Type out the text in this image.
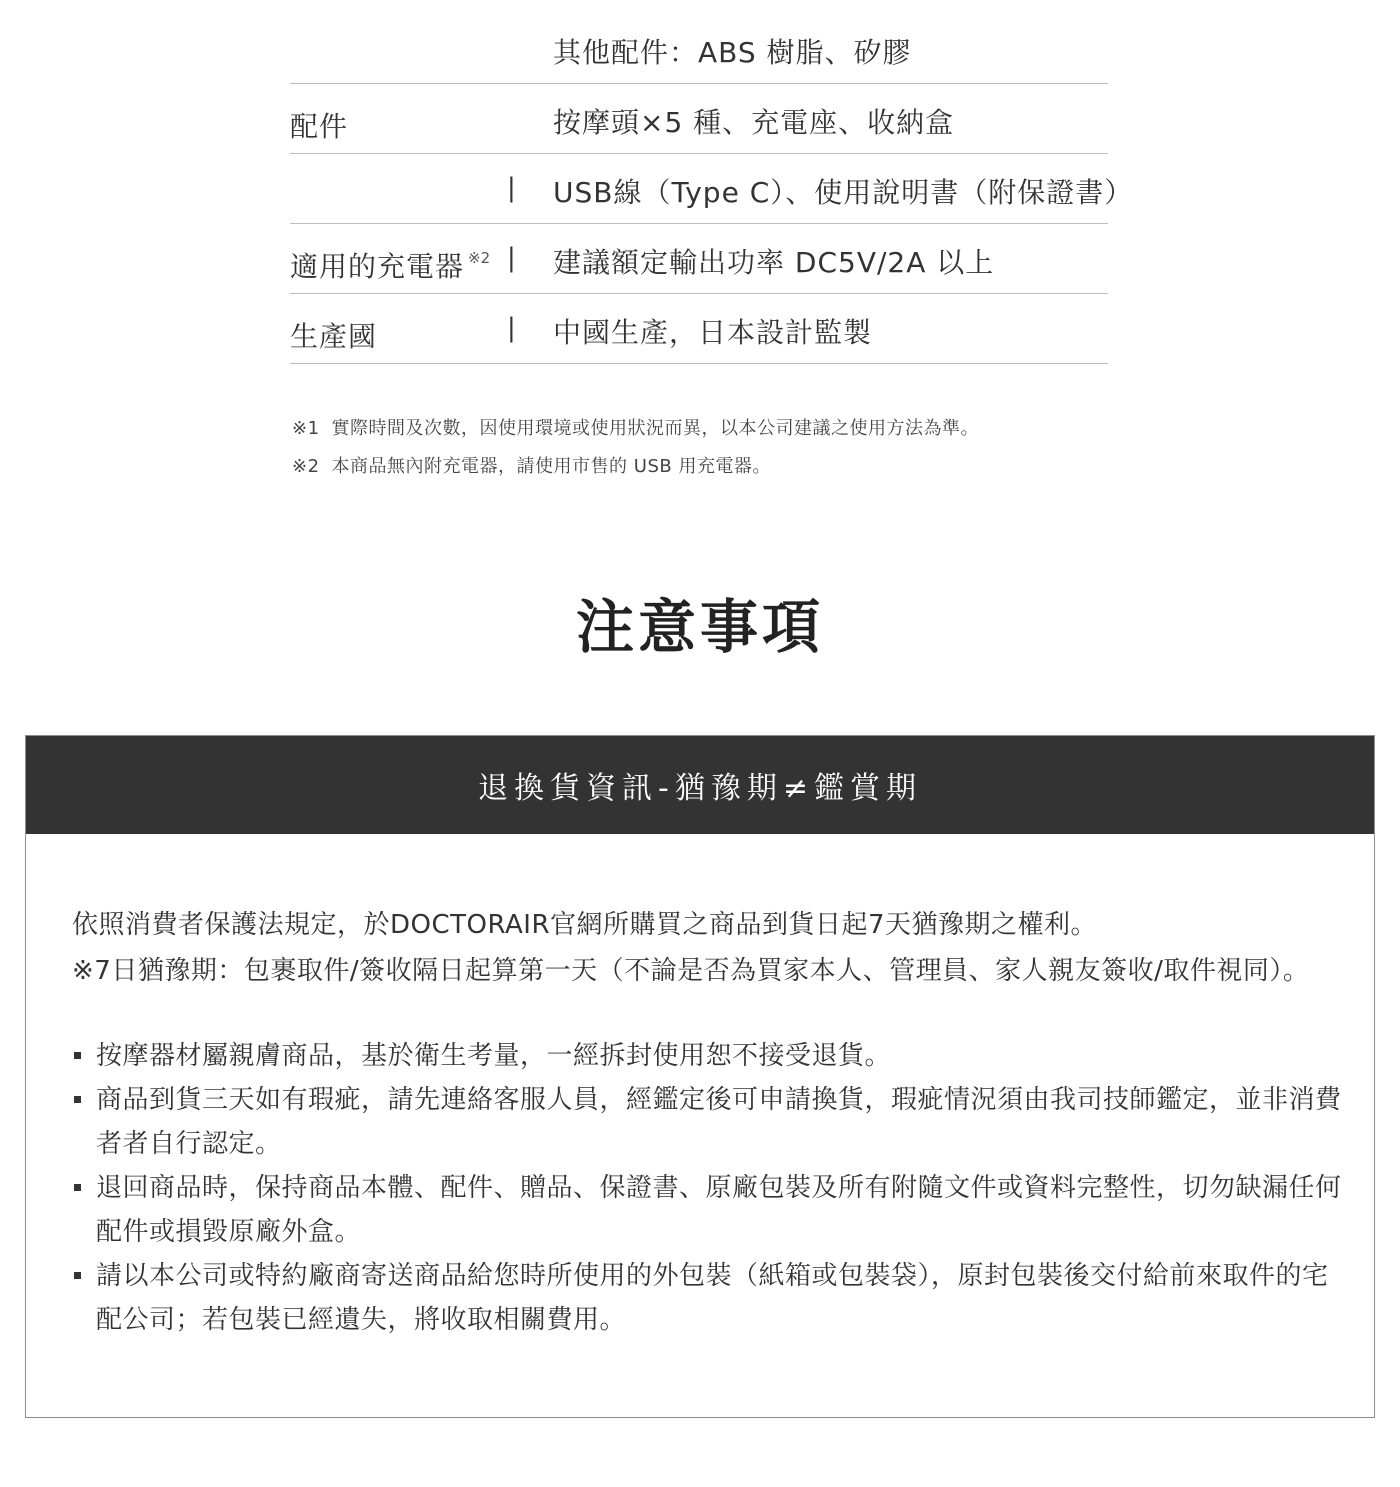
其他配件：ABS 樹脂、矽膠
配件	按摩頭×5 種、充電座、收納盒
| USB線（Type C）、使用說明書（附保證書）
適用的充電器 $^{※2}$ | 建議額定輸出功率 DC5V/2A 以上
生產國	| 中國生產，日本設計監製
※1 實際時間及次數，因使用環境或使用狀況而異，以本公司建議之使用方法為準。
※2 本商品無內附充電器，請使用市售的 USB 用充電器。
注意事項
退換貨資訊-猶豫期≠鑑賞期
依照消費者保護法規定，於DOCTORAIR官網所購買之商品到貨日起7天猶豫期之權利。
※7日猶豫期：包裹取件/簽收隔日起算第一天（不論是否為買家本人、管理員、家人親友簽收/取件視同）。
按摩器材屬親膚商品，基於衛生考量，一經拆封使用恕不接受退貨。
商品到貨三天如有瑕疵，請先連絡客服人員，經鑑定後可申請換貨，瑕疵情況須由我司技師鑑定，並非消費者者自行認定。
退回商品時，保持商品本體、配件、贈品、保證書、原廠包裝及所有附隨文件或資料完整性，切勿缺漏任何配件或損毀原廠外盒。
請以本公司或特約廠商寄送商品給您時所使用的外包裝（紙箱或包裝袋），原封包裝後交付給前來取件的宅配公司；若包裝已經遺失，將收取相關費用。
